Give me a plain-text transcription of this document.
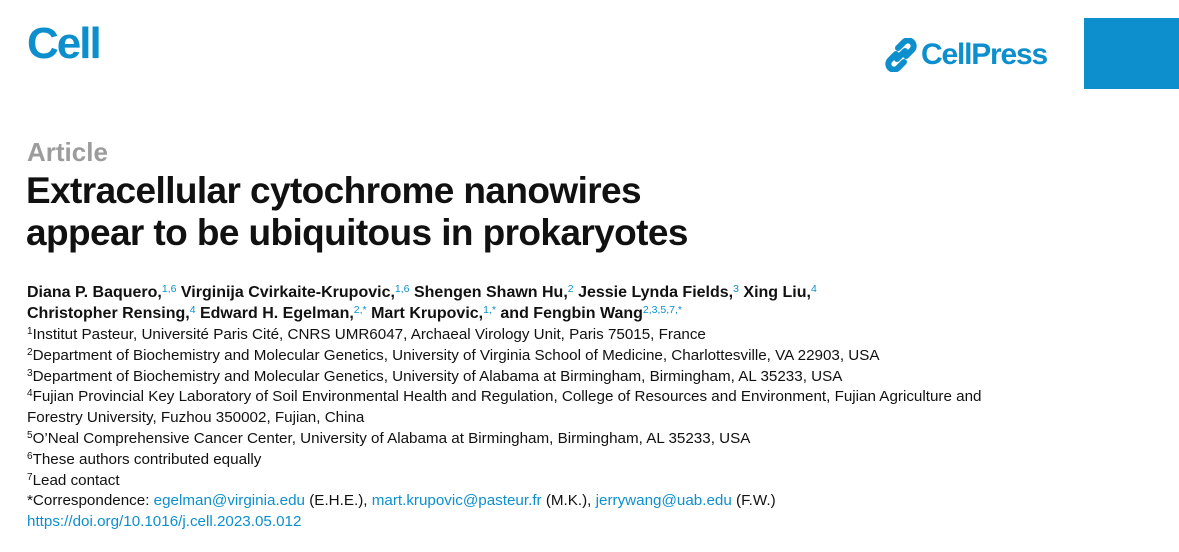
Cell	CellPress
Article
Extracellular cytochrome nanowires
appear to be ubiquitous in prokaryotes
Diana P. Baquero,$^{1,6}$ Virginija Cvirkaite-Krupovic,$^{1,6}$ Shengen Shawn Hu,$^2$ Jessie Lynda Fields,$^3$ Xing Liu,$^4$
Christopher Rensing,$^4$ Edward H. Egelman,$^{2,*}$ Mart Krupovic,$^{1,*}$ and Fengbin Wang$^{2,3,5,7,*}$
$^1$Institut Pasteur, Université Paris Cité, CNRS UMR6047, Archaeal Virology Unit, Paris 75015, France
$^2$Department of Biochemistry and Molecular Genetics, University of Virginia School of Medicine, Charlottesville, VA 22903, USA
$^3$Department of Biochemistry and Molecular Genetics, University of Alabama at Birmingham, Birmingham, AL 35233, USA
$^4$Fujian Provincial Key Laboratory of Soil Environmental Health and Regulation, College of Resources and Environment, Fujian Agriculture and
Forestry University, Fuzhou 350002, Fujian, China
$^5$O’Neal Comprehensive Cancer Center, University of Alabama at Birmingham, Birmingham, AL 35233, USA
$^6$These authors contributed equally
$^7$Lead contact
*Correspondence: egelman@virginia.edu (E.H.E.), mart.krupovic@pasteur.fr (M.K.), jerrywang@uab.edu (F.W.)
https://doi.org/10.1016/j.cell.2023.05.012
